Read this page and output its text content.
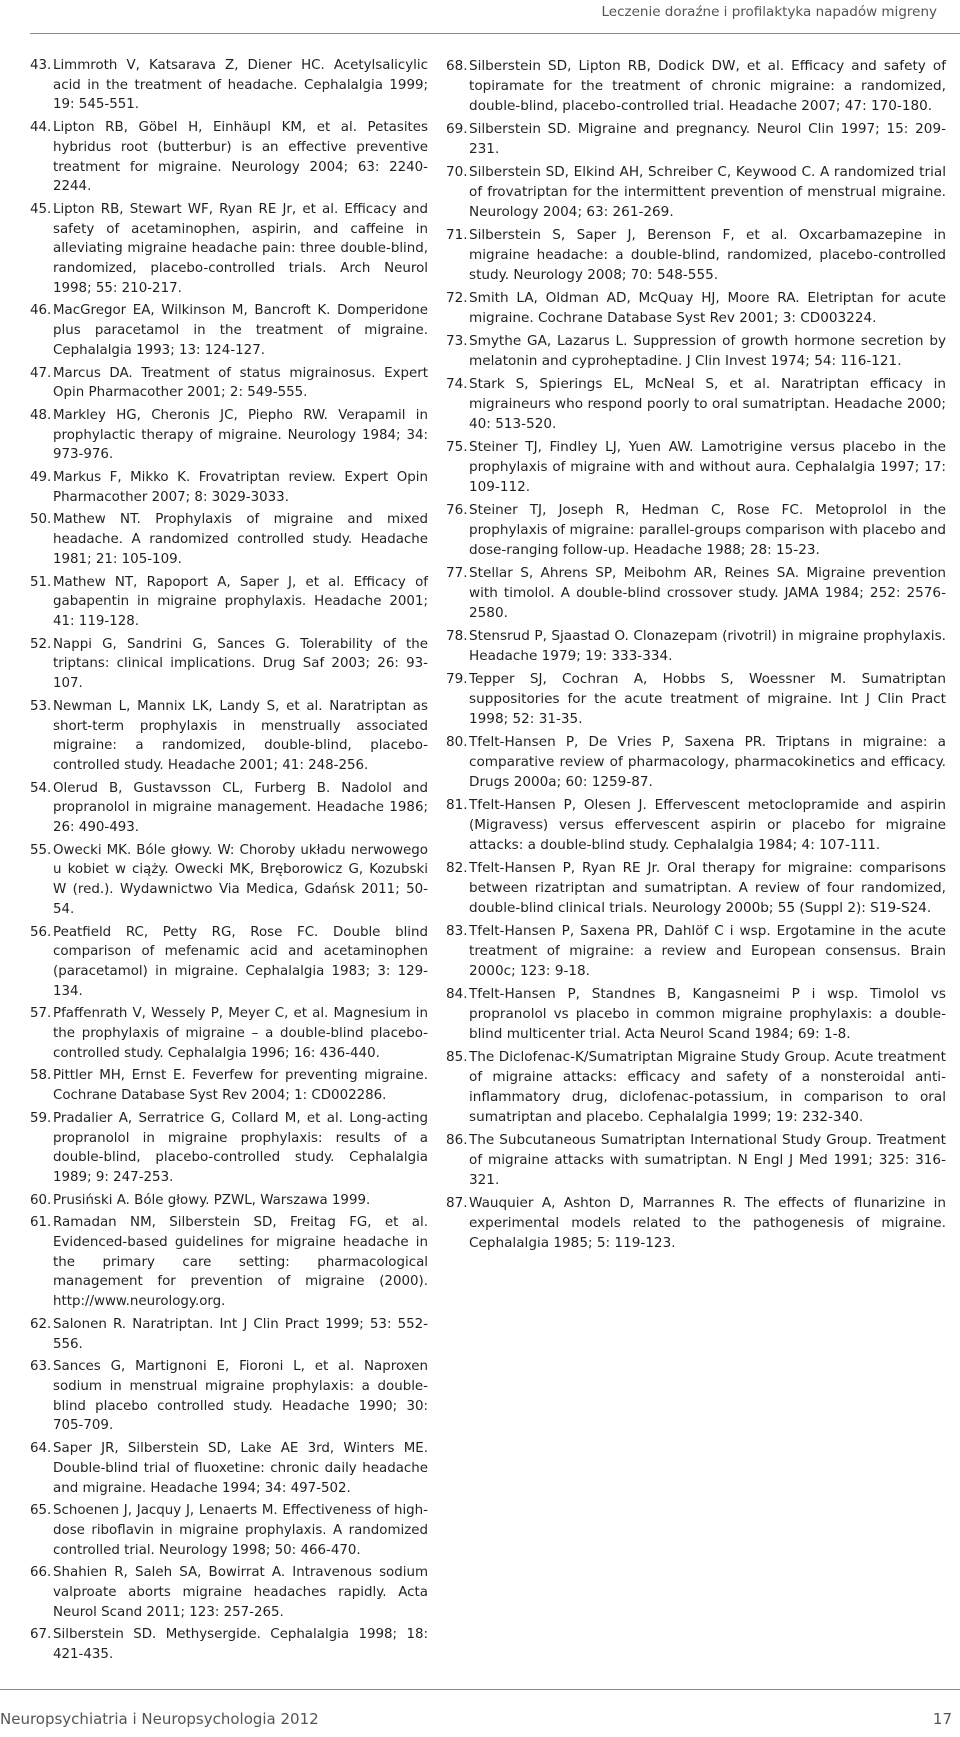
Leczenie doraźne i profilaktyka napadów migreny
43. Limmroth V, Katsarava Z, Diener HC. Acetylsalicylic acid in the treatment of headache. Cephalalgia 1999; 19: 545-551.
44. Lipton RB, Göbel H, Einhäupl KM, et al. Petasites hybridus root (butterbur) is an effective preventive treatment for migraine. Neurology 2004; 63: 2240-2244.
45. Lipton RB, Stewart WF, Ryan RE Jr, et al. Efficacy and safety of acetaminophen, aspirin, and caffeine in alleviating migraine headache pain: three double-blind, randomized, placebo-controlled trials. Arch Neurol 1998; 55: 210-217.
46. MacGregor EA, Wilkinson M, Bancroft K. Domperidone plus paracetamol in the treatment of migraine. Cephalalgia 1993; 13: 124-127.
47. Marcus DA. Treatment of status migrainosus. Expert Opin Pharmacother 2001; 2: 549-555.
48. Markley HG, Cheronis JC, Piepho RW. Verapamil in prophylactic therapy of migraine. Neurology 1984; 34: 973-976.
49. Markus F, Mikko K. Frovatriptan review. Expert Opin Pharmacother 2007; 8: 3029-3033.
50. Mathew NT. Prophylaxis of migraine and mixed headache. A randomized controlled study. Headache 1981; 21: 105-109.
51. Mathew NT, Rapoport A, Saper J, et al. Efficacy of gabapentin in migraine prophylaxis. Headache 2001; 41: 119-128.
52. Nappi G, Sandrini G, Sances G. Tolerability of the triptans: clinical implications. Drug Saf 2003; 26: 93-107.
53. Newman L, Mannix LK, Landy S, et al. Naratriptan as short-term prophylaxis in menstrually associated migraine: a randomized, double-blind, placebo-controlled study. Headache 2001; 41: 248-256.
54. Olerud B, Gustavsson CL, Furberg B. Nadolol and propranolol in migraine management. Headache 1986; 26: 490-493.
55. Owecki MK. Bóle głowy. W: Choroby układu nerwowego u kobiet w ciąży. Owecki MK, Bręborowicz G, Kozubski W (red.). Wydawnictwo Via Medica, Gdańsk 2011; 50-54.
56. Peatfield RC, Petty RG, Rose FC. Double blind comparison of mefenamic acid and acetaminophen (paracetamol) in migraine. Cephalalgia 1983; 3: 129-134.
57. Pfaffenrath V, Wessely P, Meyer C, et al. Magnesium in the prophylaxis of migraine – a double-blind placebo-controlled study. Cephalalgia 1996; 16: 436-440.
58. Pittler MH, Ernst E. Feverfew for preventing migraine. Cochrane Database Syst Rev 2004; 1: CD002286.
59. Pradalier A, Serratrice G, Collard M, et al. Long-acting propranolol in migraine prophylaxis: results of a double-blind, placebo-controlled study. Cephalalgia 1989; 9: 247-253.
60. Prusiński A. Bóle głowy. PZWL, Warszawa 1999.
61. Ramadan NM, Silberstein SD, Freitag FG, et al. Evidenced-based guidelines for migraine headache in the primary care setting: pharmacological management for prevention of migraine (2000). http://www.neurology.org.
62. Salonen R. Naratriptan. Int J Clin Pract 1999; 53: 552-556.
63. Sances G, Martignoni E, Fioroni L, et al. Naproxen sodium in menstrual migraine prophylaxis: a double-blind placebo controlled study. Headache 1990; 30: 705-709.
64. Saper JR, Silberstein SD, Lake AE 3rd, Winters ME. Double-blind trial of fluoxetine: chronic daily headache and migraine. Headache 1994; 34: 497-502.
65. Schoenen J, Jacquy J, Lenaerts M. Effectiveness of high-dose riboflavin in migraine prophylaxis. A randomized controlled trial. Neurology 1998; 50: 466-470.
66. Shahien R, Saleh SA, Bowirrat A. Intravenous sodium valproate aborts migraine headaches rapidly. Acta Neurol Scand 2011; 123: 257-265.
67. Silberstein SD. Methysergide. Cephalalgia 1998; 18: 421-435.
68. Silberstein SD, Lipton RB, Dodick DW, et al. Efficacy and safety of topiramate for the treatment of chronic migraine: a randomized, double-blind, placebo-controlled trial. Headache 2007; 47: 170-180.
69. Silberstein SD. Migraine and pregnancy. Neurol Clin 1997; 15: 209-231.
70. Silberstein SD, Elkind AH, Schreiber C, Keywood C. A randomized trial of frovatriptan for the intermittent prevention of menstrual migraine. Neurology 2004; 63: 261-269.
71. Silberstein S, Saper J, Berenson F, et al. Oxcarbamazepine in migraine headache: a double-blind, randomized, placebo-controlled study. Neurology 2008; 70: 548-555.
72. Smith LA, Oldman AD, McQuay HJ, Moore RA. Eletriptan for acute migraine. Cochrane Database Syst Rev 2001; 3: CD003224.
73. Smythe GA, Lazarus L. Suppression of growth hormone secretion by melatonin and cyproheptadine. J Clin Invest 1974; 54: 116-121.
74. Stark S, Spierings EL, McNeal S, et al. Naratriptan efficacy in migraineurs who respond poorly to oral sumatriptan. Headache 2000; 40: 513-520.
75. Steiner TJ, Findley LJ, Yuen AW. Lamotrigine versus placebo in the prophylaxis of migraine with and without aura. Cephalalgia 1997; 17: 109-112.
76. Steiner TJ, Joseph R, Hedman C, Rose FC. Metoprolol in the prophylaxis of migraine: parallel-groups comparison with placebo and dose-ranging follow-up. Headache 1988; 28: 15-23.
77. Stellar S, Ahrens SP, Meibohm AR, Reines SA. Migraine prevention with timolol. A double-blind crossover study. JAMA 1984; 252: 2576-2580.
78. Stensrud P, Sjaastad O. Clonazepam (rivotril) in migraine prophylaxis. Headache 1979; 19: 333-334.
79. Tepper SJ, Cochran A, Hobbs S, Woessner M. Sumatriptan suppositories for the acute treatment of migraine. Int J Clin Pract 1998; 52: 31-35.
80. Tfelt-Hansen P, De Vries P, Saxena PR. Triptans in migraine: a comparative review of pharmacology, pharmacokinetics and efficacy. Drugs 2000a; 60: 1259-87.
81. Tfelt-Hansen P, Olesen J. Effervescent metoclopramide and aspirin (Migravess) versus effervescent aspirin or placebo for migraine attacks: a double-blind study. Cephalalgia 1984; 4: 107-111.
82. Tfelt-Hansen P, Ryan RE Jr. Oral therapy for migraine: comparisons between rizatriptan and sumatriptan. A review of four randomized, double-blind clinical trials. Neurology 2000b; 55 (Suppl 2): S19-S24.
83. Tfelt-Hansen P, Saxena PR, Dahlöf C i wsp. Ergotamine in the acute treatment of migraine: a review and European consensus. Brain 2000c; 123: 9-18.
84. Tfelt-Hansen P, Standnes B, Kangasneimi P i wsp. Timolol vs propranolol vs placebo in common migraine prophylaxis: a double-blind multicenter trial. Acta Neurol Scand 1984; 69: 1-8.
85. The Diclofenac-K/Sumatriptan Migraine Study Group. Acute treatment of migraine attacks: efficacy and safety of a nonsteroidal anti-inflammatory drug, diclofenac-potassium, in comparison to oral sumatriptan and placebo. Cephalalgia 1999; 19: 232-340.
86. The Subcutaneous Sumatriptan International Study Group. Treatment of migraine attacks with sumatriptan. N Engl J Med 1991; 325: 316-321.
87. Wauquier A, Ashton D, Marrannes R. The effects of flunarizine in experimental models related to the pathogenesis of migraine. Cephalalgia 1985; 5: 119-123.
Neuropsychiatria i Neuropsychologia 2012	17
